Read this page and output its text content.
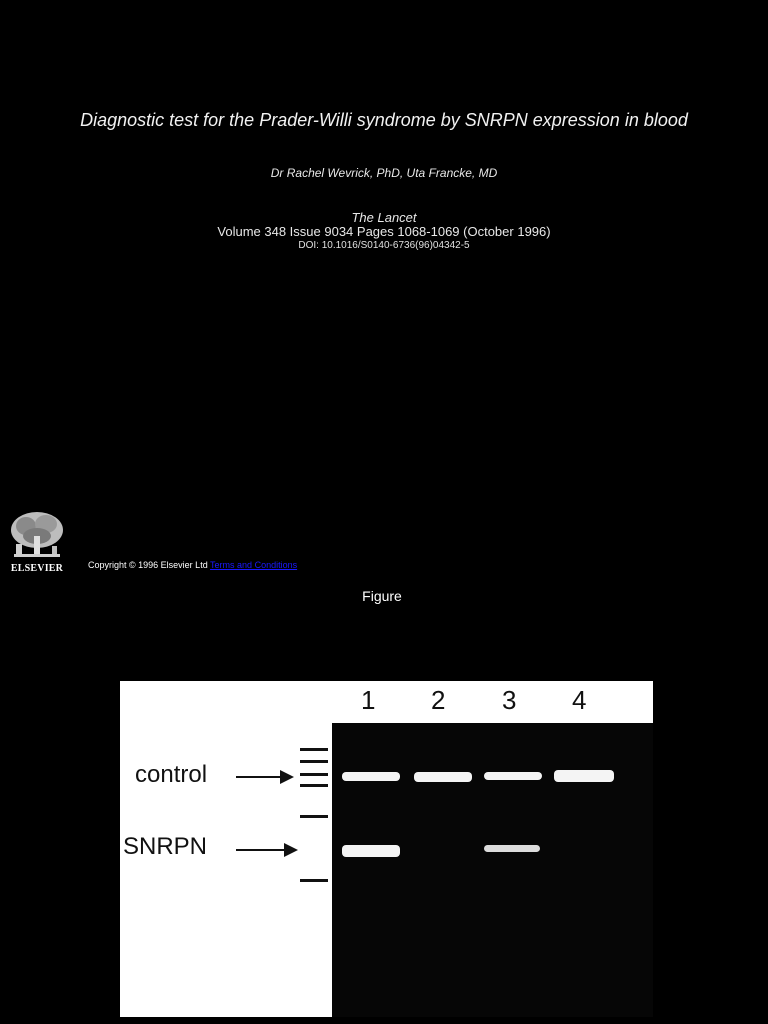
Diagnostic test for the Prader-Willi syndrome by SNRPN expression in blood
Dr Rachel Wevrick, PhD, Uta Francke, MD
The Lancet
Volume 348 Issue 9034 Pages 1068-1069 (October 1996)
DOI: 10.1016/S0140-6736(96)04342-5
ELSEVIER	Copyright © 1996 Elsevier Ltd Terms and Conditions
Figure
1 2 3 4
control
SNRPN
